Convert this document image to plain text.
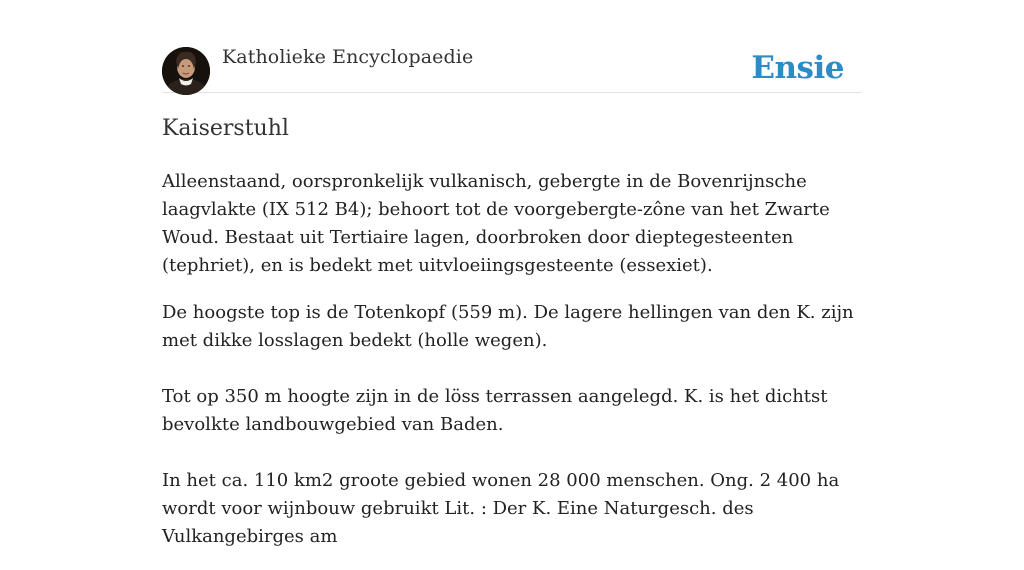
Katholieke Encyclopaedie	Ensie
Kaiserstuhl

Alleenstaand, oorspronkelijk vulkanisch, gebergte in de Bovenrijnsche laagvlakte (IX 512 B4); behoort tot de voorgebergte-zône van het Zwarte Woud. Bestaat uit Tertiaire lagen, doorbroken door dieptegesteenten (tephriet), en is bedekt met uitvloeiingsgesteente (essexiet).

De hoogste top is de Totenkopf (559 m). De lagere hellingen van den K. zijn met dikke losslagen bedekt (holle wegen).

Tot op 350 m hoogte zijn in de löss terrassen aangelegd. K. is het dichtst bevolkte landbouwgebied van Baden.

In het ca. 110 km2 groote gebied wonen 28 000 menschen. Ong. 2 400 ha wordt voor wijnbouw gebruikt Lit. : Der K. Eine Naturgesch. des Vulkangebirges am
